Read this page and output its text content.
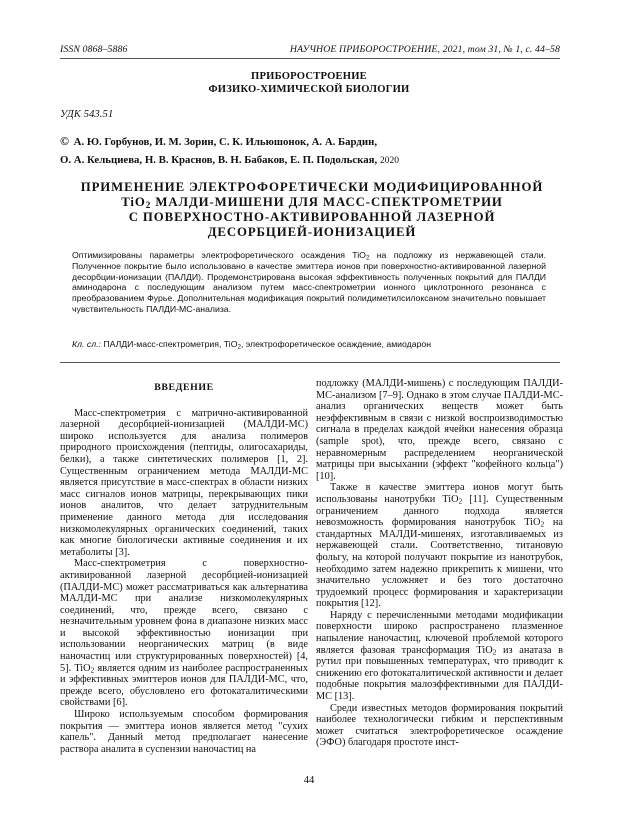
ISSN 0868–5886	НАУЧНОЕ ПРИБОРОСТРОЕНИЕ, 2021, том 31, № 1, c. 44–58
ПРИБОРОСТРОЕНИЕ
ФИЗИКО-ХИМИЧЕСКОЙ БИОЛОГИИ
УДК 543.51
© А. Ю. Горбунов, И. М. Зорин, С. К. Ильюшонок, А. А. Бардин,
О. А. Кельциева, Н. В. Краснов, В. Н. Бабаков, Е. П. Подольская, 2020
ПРИМЕНЕНИЕ ЭЛЕКТРОФОРЕТИЧЕСКИ МОДИФИЦИРОВАННОЙ
TiO$_2$ МАЛДИ-МИШЕНИ ДЛЯ МАСС-СПЕКТРОМЕТРИИ
С ПОВЕРХНОСТНО-АКТИВИРОВАННОЙ ЛАЗЕРНОЙ
ДЕСОРБЦИЕЙ-ИОНИЗАЦИЕЙ
Оптимизированы параметры электрофоретического осаждения TiO$_2$ на подложку из нержавеющей стали. Полученное покрытие было использовано в качестве эмиттера ионов при поверхностно-активированной лазерной десорбции-ионизации (ПАЛДИ). Продемонстрирована высокая эффективность полученных покрытий для ПАЛДИ аминодарона с последующим анализом путем масс-спектрометрии ионного циклотронного резонанса с преобразованием Фурье. Дополнительная модификация покрытий полидиметилсилоксаном значительно повышает чувствительность ПАЛДИ-МС-анализа.
Кл. сл.: ПАЛДИ-масс-спектрометрия, TiO$_2$, электрофоретическое осаждение, амиодарон
ВВЕДЕНИЕ

Масс-спектрометрия с матрично-активированной лазерной десорбцией-ионизацией (МАЛДИ-МС) широко используется для анализа полимеров природного происхождения (пептиды, олигосахариды, белки), а также синтетических полимеров [1, 2]. Существенным ограничением метода МАЛДИ-МС является присутствие в масс-спектрах в области низких масс сигналов ионов матрицы, перекрывающих пики ионов аналитов, что делает затруднительным применение данного метода для исследования низкомолекулярных органических соединений, таких как многие биологически активные соединения и их метаболиты [3].

Масс-спектрометрия с поверхностно-активированной лазерной десорбцией-ионизацией (ПАЛДИ-МС) может рассматриваться как альтернатива МАЛДИ-МС при анализе низкомолекулярных соединений, что, прежде всего, связано с незначительным уровнем фона в диапазоне низких масс и высокой эффективностью ионизации при использовании неорганических матриц (в виде наночастиц или структурированных поверхностей) [4, 5]. TiO$_2$ является одним из наиболее распространенных и эффективных эмиттеров ионов для ПАЛДИ-МС, что, прежде всего, обусловлено его фотокаталитическими свойствами [6].

Широко используемым способом формирования покрытия — эмиттера ионов является метод "сухих капель". Данный метод предполагает нанесение раствора аналита в суспензии наночастиц на

подложку (МАЛДИ-мишень) с последующим ПАЛДИ-МС-анализом [7–9]. Однако в этом случае ПАЛДИ-МС-анализ органических веществ может быть неэффективным в связи с низкой воспроизводимостью сигнала в пределах каждой ячейки нанесения образца (sample spot), что, прежде всего, связано с неравномерным распределением неорганической матрицы при высыхании (эффект "кофейного кольца") [10].

Также в качестве эмиттера ионов могут быть использованы нанотрубки TiO$_2$ [11]. Существенным ограничением данного подхода является невозможность формирования нанотрубок TiO$_2$ на стандартных МАЛДИ-мишенях, изготавливаемых из нержавеющей стали. Соответственно, титановую фольгу, на которой получают покрытие из нанотрубок, необходимо затем надежно прикрепить к мишени, что значительно усложняет и без того достаточно трудоемкий процесс формирования и характеризации покрытия [12].

Наряду с перечисленными методами модификации поверхности широко распространено плазменное напыление наночастиц, ключевой проблемой которого является фазовая трансформация TiO$_2$ из анатаза в рутил при повышенных температурах, что приводит к снижению его фотокаталитической активности и делает подобные покрытия малоэффективными для ПАЛДИ-МС [13].

Среди известных методов формирования покрытий наиболее технологически гибким и перспективным может считаться электрофоретическое осаждение (ЭФО) благодаря простоте инст-

44
